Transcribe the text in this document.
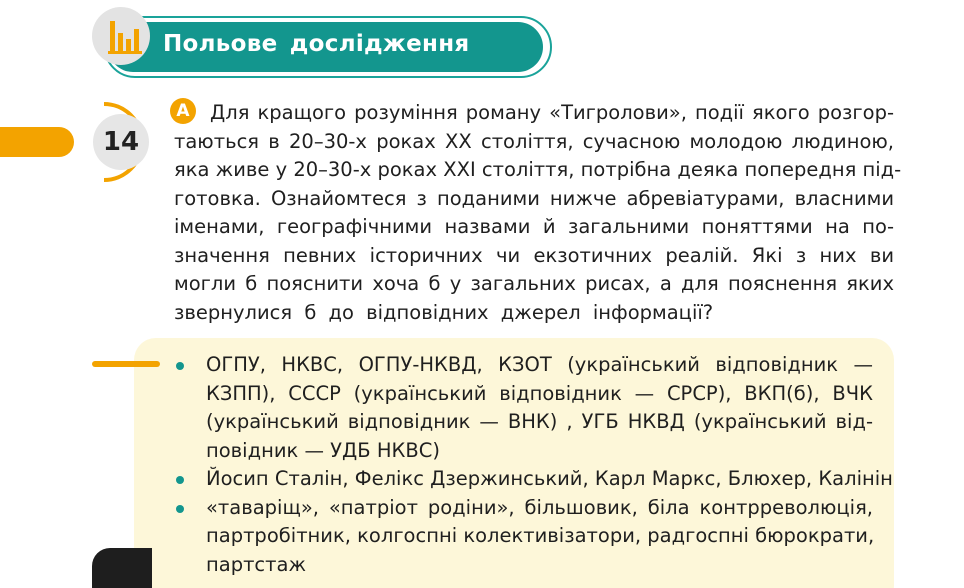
Польове дослідження
14
А	Для кращого розуміння роману «Тигролови», події якого розгор-
таються в 20–30-х роках ХХ століття, сучасною молодою людиною,
яка живе у 20–30-х роках ХХІ століття, потрібна деяка попередня під-
готовка. Ознайомтеся з поданими нижче абревіатурами, власними
іменами, географічними назвами й загальними поняттями на по-
значення певних історичних чи екзотичних реалій. Які з них ви
могли б пояснити хоча б у загальних рисах, а для пояснення яких
звернулися б до відповідних джерел інформації?
ОГПУ, НКВС, ОГПУ-НКВД, КЗОТ (український відповідник —
КЗПП), СССР (український відповідник — СРСР), ВКП(б), ВЧК
(український відповідник — ВНК) , УГБ НКВД (український від-
повідник — УДБ НКВС)
Йосип Сталін, Фелікс Дзержинський, Карл Маркс, Блюхер, Калінін
«таваріщ», «патріот родіни», більшовик, біла контрреволюція,
партробітник, колгоспні колективізатори, радгоспні бюрократи,
партстаж
